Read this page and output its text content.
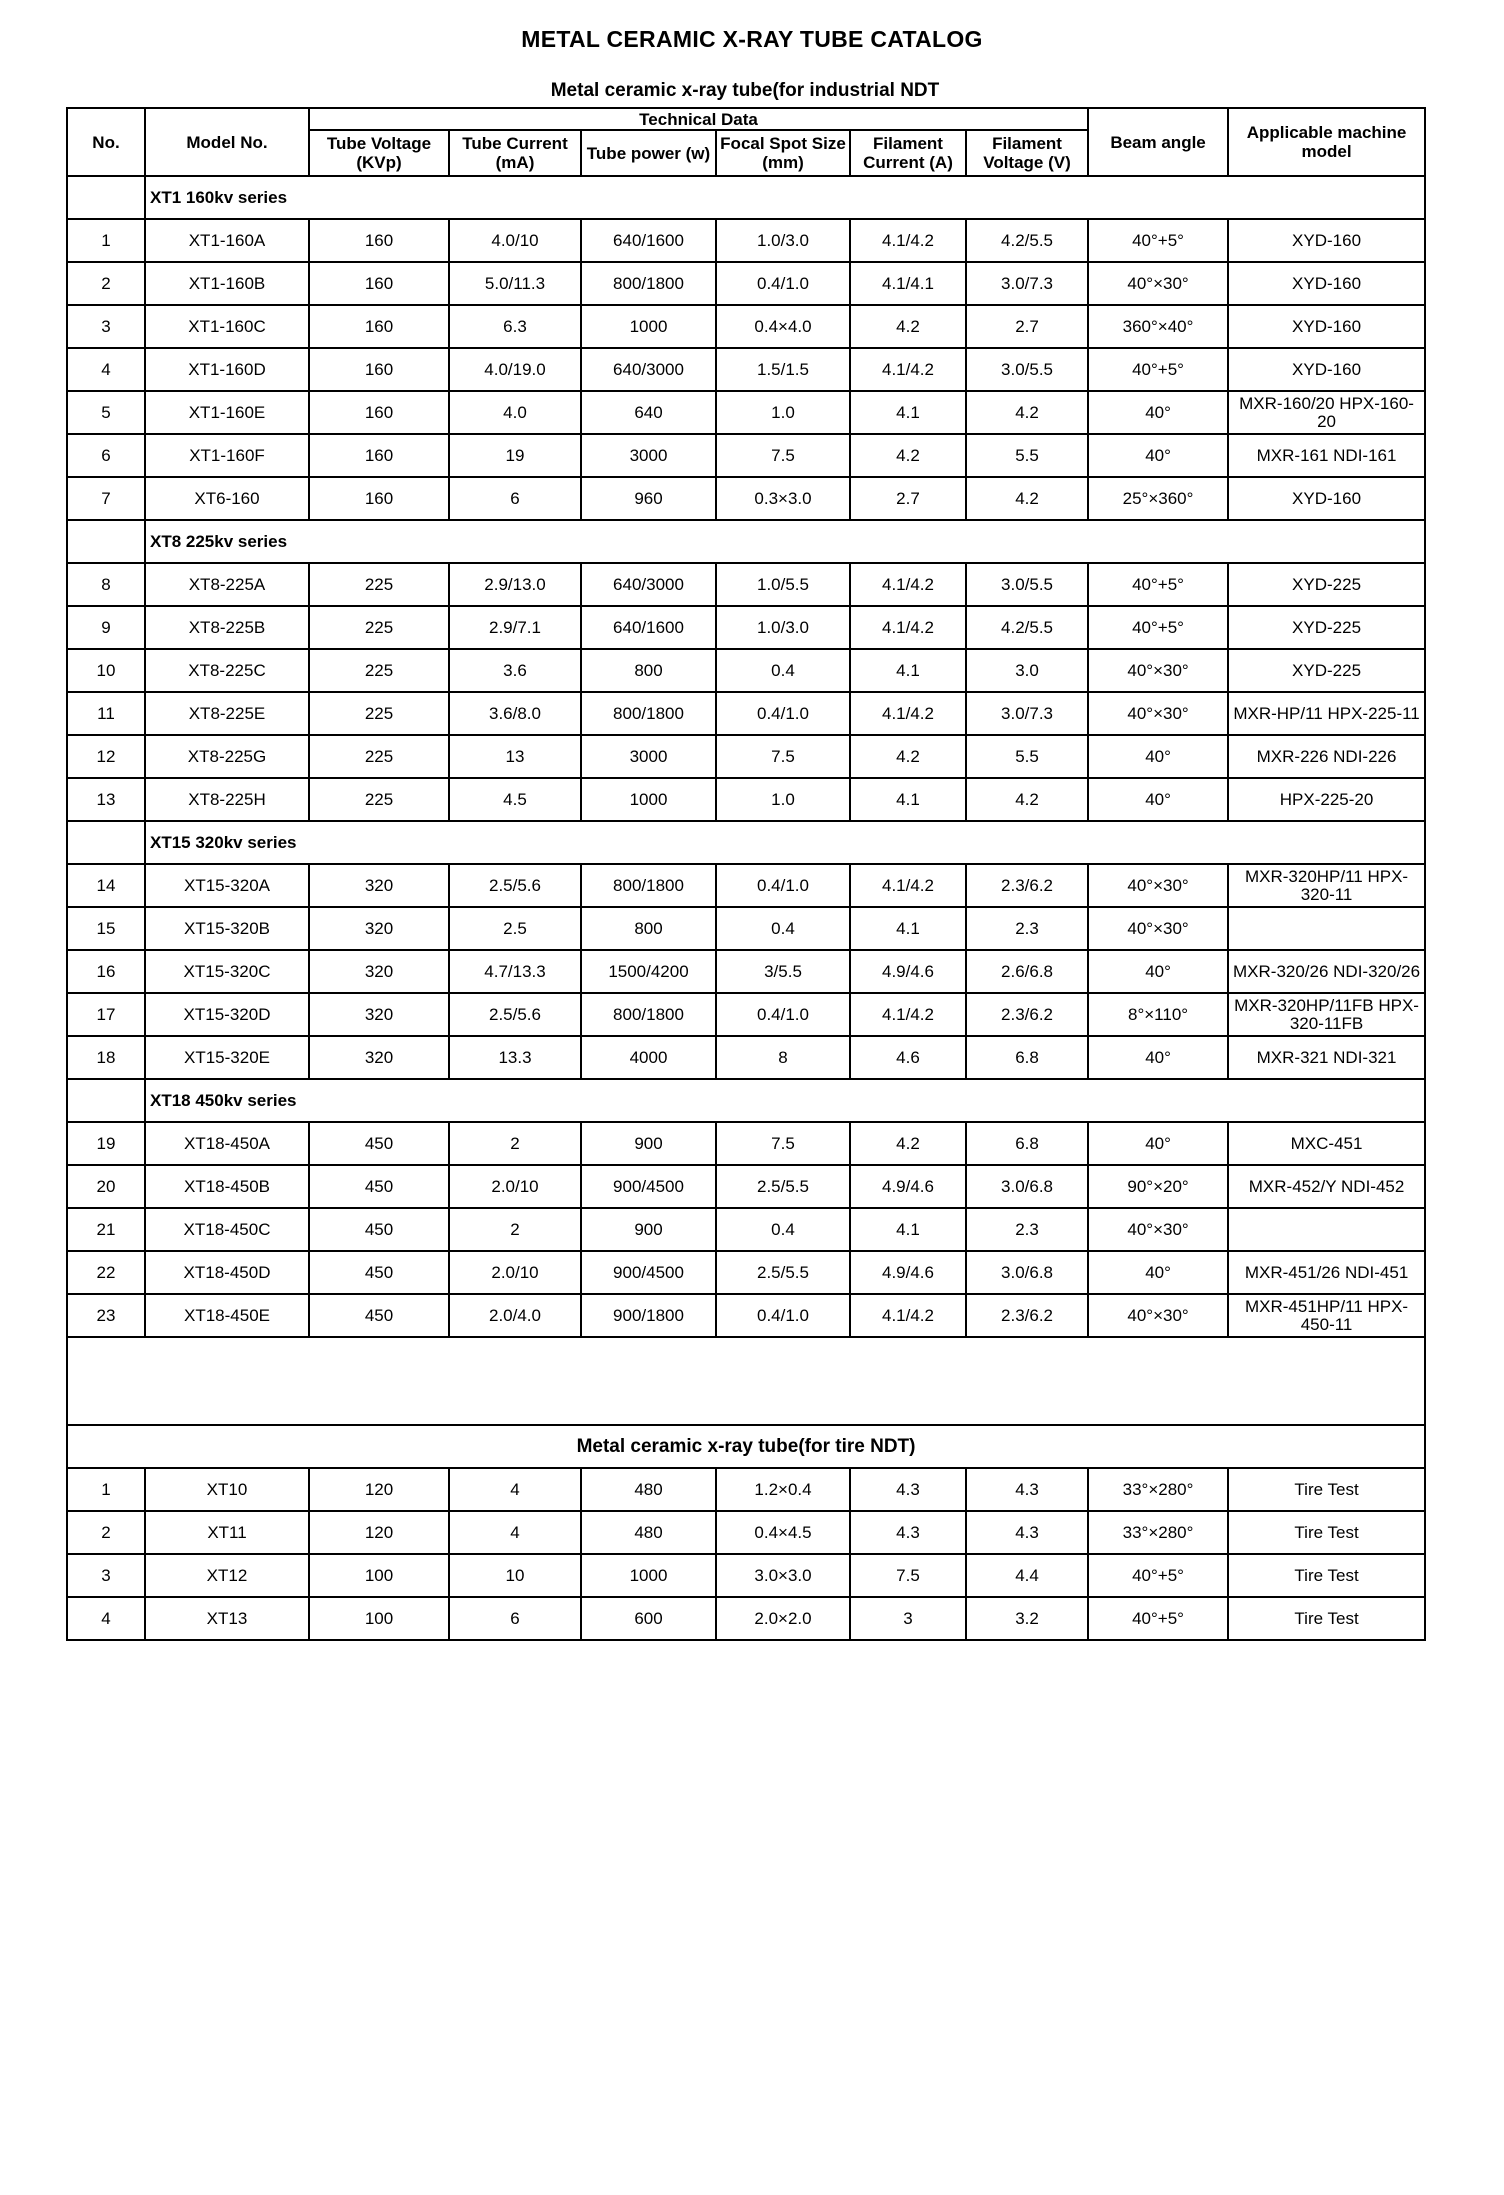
METAL CERAMIC X-RAY TUBE CATALOG
Metal ceramic x-ray tube(for industrial NDT
No.	Model No.	Technical Data						Beam angle	Applicable machine model
		Tube Voltage (KVp)	Tube Current (mA)	Tube power (w)	Focal Spot Size (mm)	Filament Current (A)	Filament Voltage (V)		
	XT1 160kv series								
1	XT1-160A	160	4.0/10	640/1600	1.0/3.0	4.1/4.2	4.2/5.5	40°+5°	XYD-160
2	XT1-160B	160	5.0/11.3	800/1800	0.4/1.0	4.1/4.1	3.0/7.3	40°×30°	XYD-160
3	XT1-160C	160	6.3	1000	0.4×4.0	4.2	2.7	360°×40°	XYD-160
4	XT1-160D	160	4.0/19.0	640/3000	1.5/1.5	4.1/4.2	3.0/5.5	40°+5°	XYD-160
5	XT1-160E	160	4.0	640	1.0	4.1	4.2	40°	MXR-160/20 HPX-160-20
6	XT1-160F	160	19	3000	7.5	4.2	5.5	40°	MXR-161 NDI-161
7	XT6-160	160	6	960	0.3×3.0	2.7	4.2	25°×360°	XYD-160
	XT8 225kv series								
8	XT8-225A	225	2.9/13.0	640/3000	1.0/5.5	4.1/4.2	3.0/5.5	40°+5°	XYD-225
9	XT8-225B	225	2.9/7.1	640/1600	1.0/3.0	4.1/4.2	4.2/5.5	40°+5°	XYD-225
10	XT8-225C	225	3.6	800	0.4	4.1	3.0	40°×30°	XYD-225
11	XT8-225E	225	3.6/8.0	800/1800	0.4/1.0	4.1/4.2	3.0/7.3	40°×30°	MXR-HP/11 HPX-225-11
12	XT8-225G	225	13	3000	7.5	4.2	5.5	40°	MXR-226 NDI-226
13	XT8-225H	225	4.5	1000	1.0	4.1	4.2	40°	HPX-225-20
	XT15 320kv series								
14	XT15-320A	320	2.5/5.6	800/1800	0.4/1.0	4.1/4.2	2.3/6.2	40°×30°	MXR-320HP/11 HPX-320-11
15	XT15-320B	320	2.5	800	0.4	4.1	2.3	40°×30°	
16	XT15-320C	320	4.7/13.3	1500/4200	3/5.5	4.9/4.6	2.6/6.8	40°	MXR-320/26 NDI-320/26
17	XT15-320D	320	2.5/5.6	800/1800	0.4/1.0	4.1/4.2	2.3/6.2	8°×110°	MXR-320HP/11FB HPX-320-11FB
18	XT15-320E	320	13.3	4000	8	4.6	6.8	40°	MXR-321 NDI-321
	XT18 450kv series								
19	XT18-450A	450	2	900	7.5	4.2	6.8	40°	MXC-451
20	XT18-450B	450	2.0/10	900/4500	2.5/5.5	4.9/4.6	3.0/6.8	90°×20°	MXR-452/Y NDI-452
21	XT18-450C	450	2	900	0.4	4.1	2.3	40°×30°	
22	XT18-450D	450	2.0/10	900/4500	2.5/5.5	4.9/4.6	3.0/6.8	40°	MXR-451/26 NDI-451
23	XT18-450E	450	2.0/4.0	900/1800	0.4/1.0	4.1/4.2	2.3/6.2	40°×30°	MXR-451HP/11 HPX-450-11

Metal ceramic x-ray tube(for tire NDT)									
1	XT10	120	4	480	1.2×0.4	4.3	4.3	33°×280°	Tire Test
2	XT11	120	4	480	0.4×4.5	4.3	4.3	33°×280°	Tire Test
3	XT12	100	10	1000	3.0×3.0	7.5	4.4	40°+5°	Tire Test
4	XT13	100	6	600	2.0×2.0	3	3.2	40°+5°	Tire Test
